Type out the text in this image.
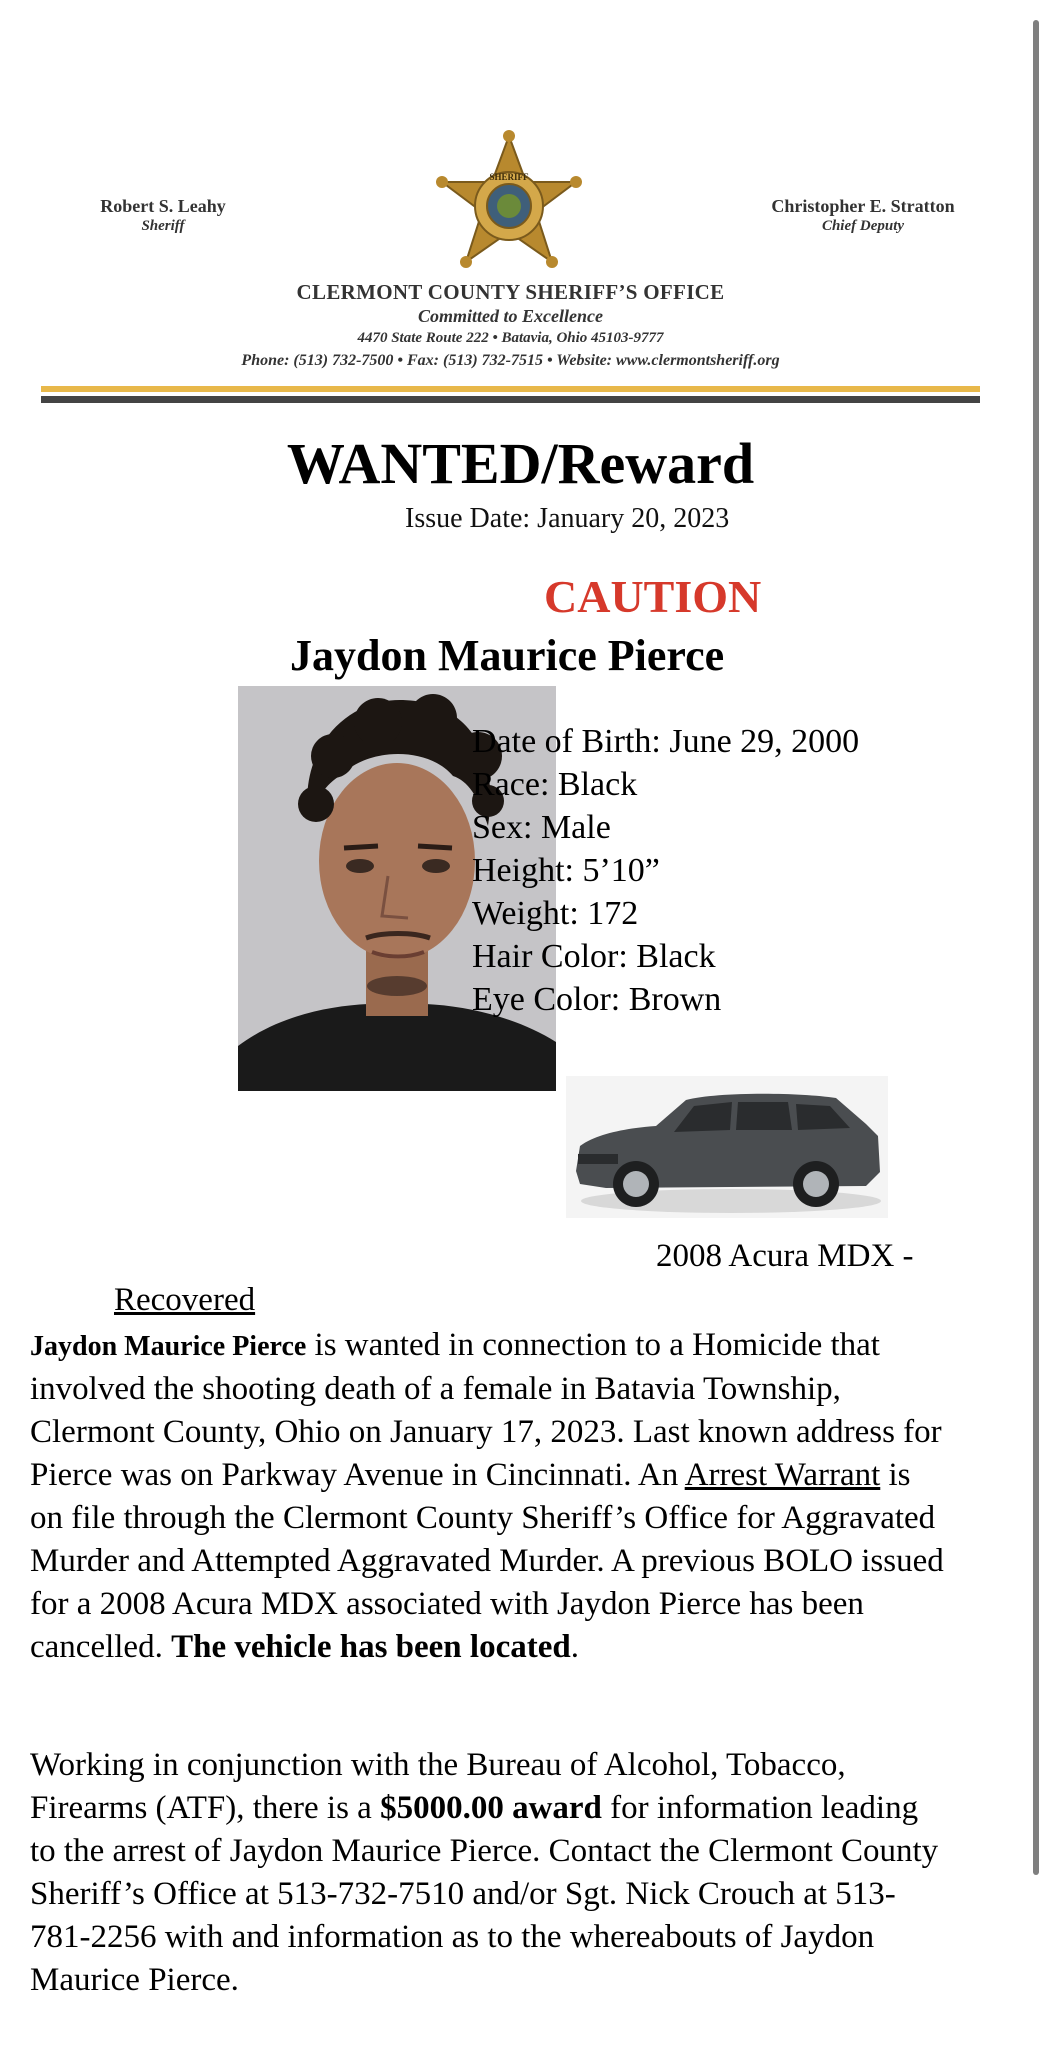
Robert S. Leahy
Sheriff
SHERIFF
Christopher E. Stratton
Chief Deputy
CLERMONT COUNTY SHERIFF’S OFFICE
Committed to Excellence
4470 State Route 222 • Batavia, Ohio 45103-9777
Phone: (513) 732-7500 • Fax: (513) 732-7515 • Website: www.clermontsheriff.org
WANTED/Reward
Issue Date: January 20, 2023
CAUTION
Jaydon Maurice Pierce
Date of Birth: June 29, 2000
Race: Black
Sex: Male
Height: 5’10”
Weight: 172
Hair Color: Black
Eye Color: Brown
2008 Acura MDX -
Recovered
Jaydon Maurice Pierce is wanted in connection to a Homicide that involved the shooting death of a female in Batavia Township, Clermont County, Ohio on January 17, 2023. Last known address for Pierce was on Parkway Avenue in Cincinnati. An Arrest Warrant is on file through the Clermont County Sheriff’s Office for Aggravated Murder and Attempted Aggravated Murder. A previous BOLO issued for a 2008 Acura MDX associated with Jaydon Pierce has been cancelled. The vehicle has been located.
Working in conjunction with the Bureau of Alcohol, Tobacco, Firearms (ATF), there is a $5000.00 award for information leading to the arrest of Jaydon Maurice Pierce. Contact the Clermont County Sheriff’s Office at 513-732-7510 and/or Sgt. Nick Crouch at 513-781-2256 with and information as to the whereabouts of Jaydon Maurice Pierce.
